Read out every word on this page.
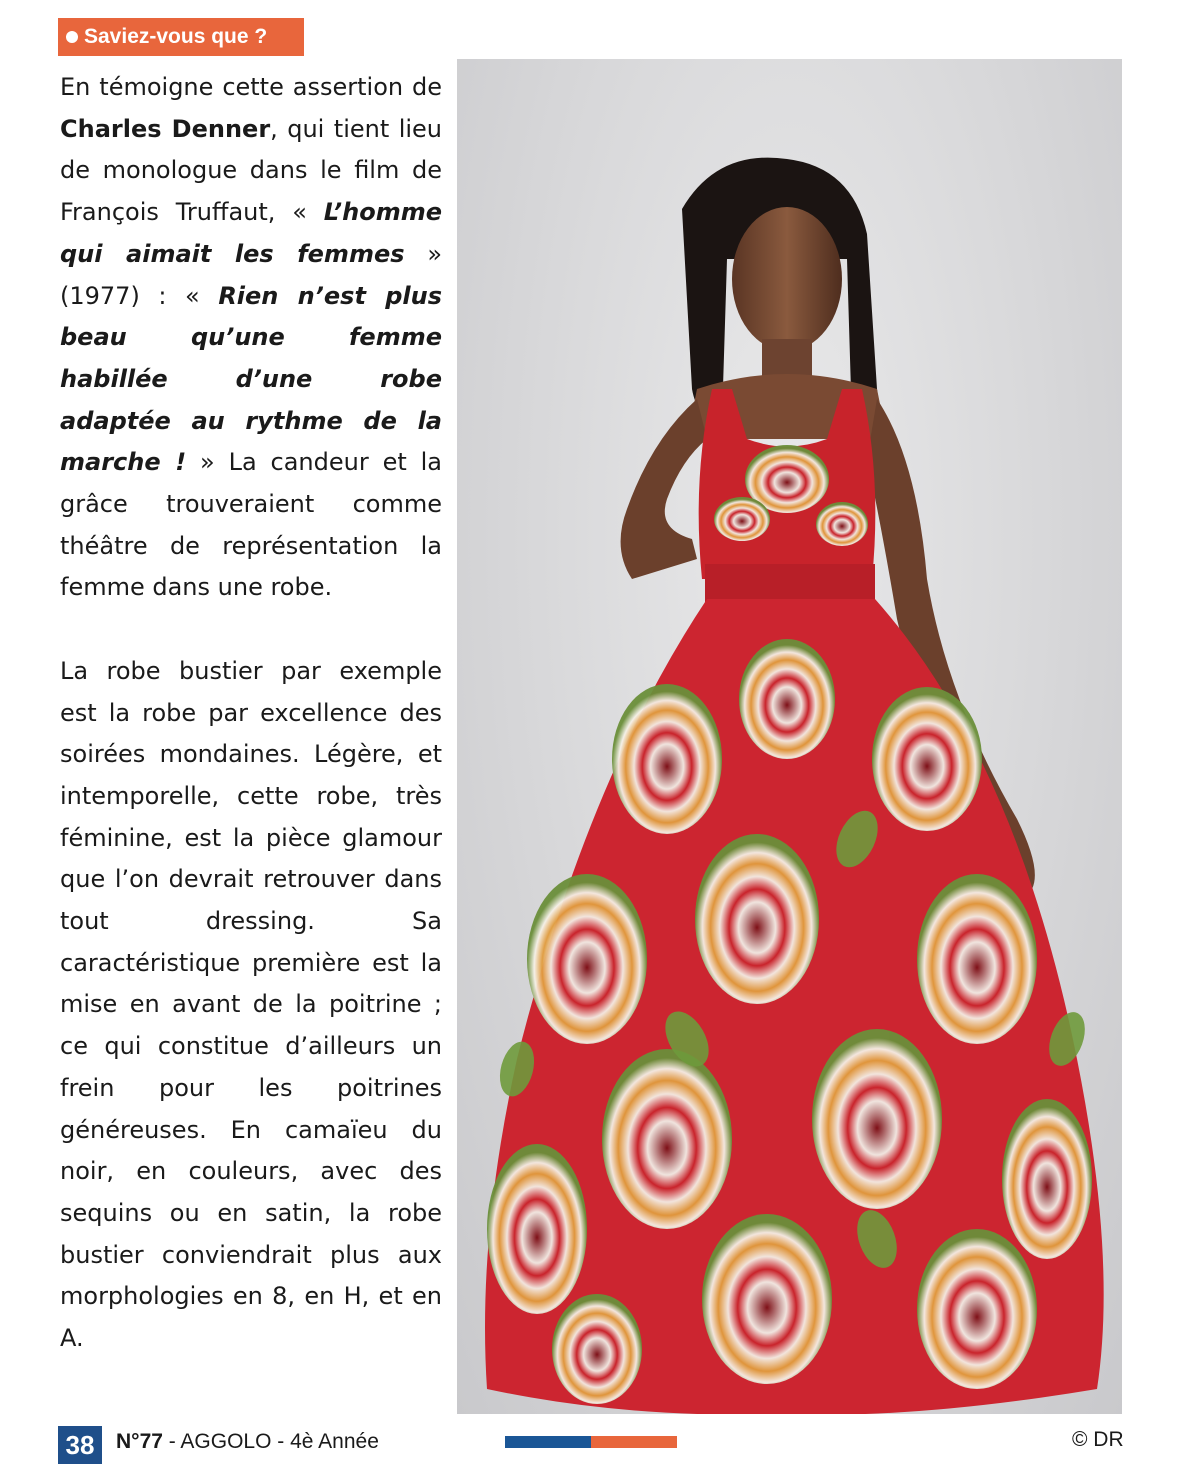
Saviez-vous que ?

En témoigne cette assertion de Charles Denner, qui tient lieu de monologue dans le film de François Truffaut, « L’homme qui aimait les femmes » (1977) : « Rien n’est plus beau qu’une femme habillée d’une robe adaptée au rythme de la marche ! » La candeur et la grâce trouveraient comme théâtre de représentation la femme dans une robe.

La robe bustier par exemple est la robe par excellence des soirées mondaines. Légère, et intemporelle, cette robe, très féminine, est la pièce glamour que l’on devrait retrouver dans tout dressing. Sa caractéristique première est la mise en avant de la poitrine ; ce qui constitue d’ailleurs un frein pour les poitrines généreuses. En camaïeu du noir, en couleurs, avec des sequins ou en satin, la robe bustier conviendrait plus aux morphologies en 8, en H, et en A.

38	N°77 - AGGOLO - 4è Année	© DR
